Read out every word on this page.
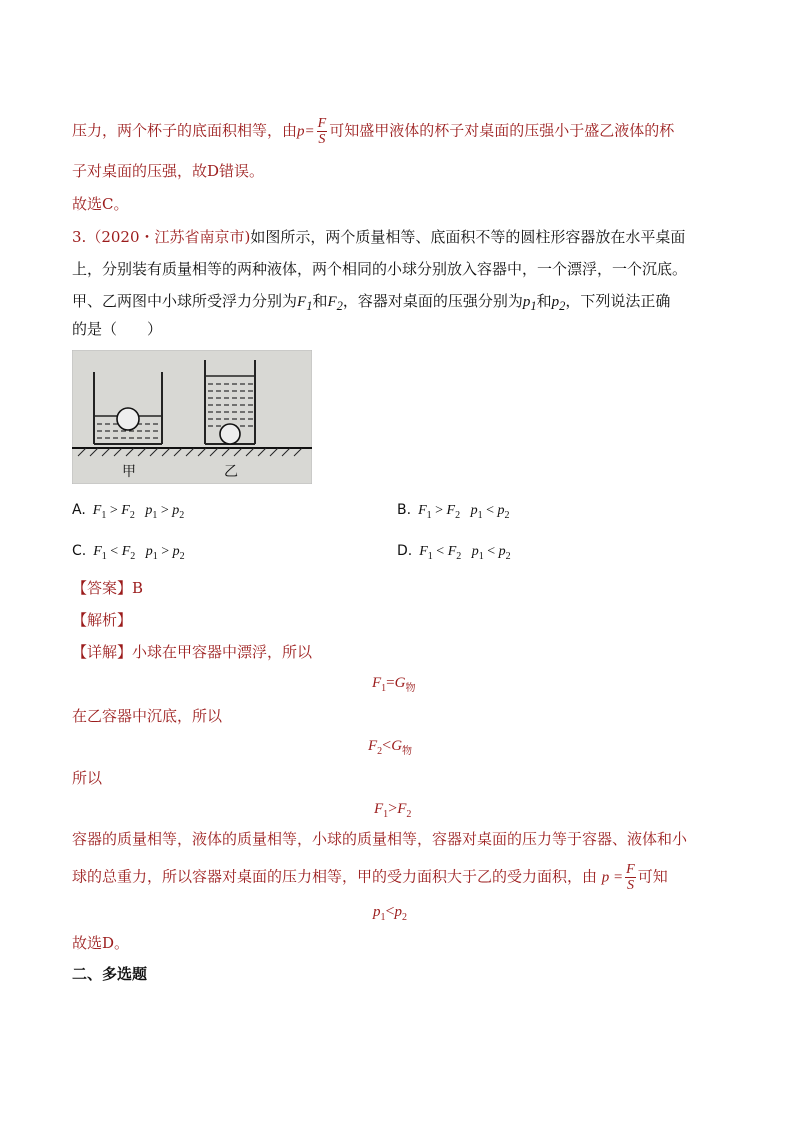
压力，两个杯子的底面积相等，由$p= \frac{F}{S}$ 可知盛甲液体的杯子对桌面的压强小于盛乙液体的杯
子对桌面的压强，故D错误。
故选C。
3.（2020・江苏省南京市)如图所示，两个质量相等、底面积不等的圆柱形容器放在水平桌面
上，分别装有质量相等的两种液体，两个相同的小球分别放入容器中，一个漂浮，一个沉底。
甲、乙两图中小球所受浮力分别为$F_1$和$F_2$，容器对桌面的压强分别为$p_1$和$p_2$，下列说法正确
的是（　　）
甲	乙
A. $F_1 > F_2$ $p_1 > p_2$	B. $F_1 > F_2$ $p_1 < p_2$
C. $F_1 < F_2$ $p_1 > p_2$	D. $F_1 < F_2$ $p_1 < p_2$
【答案】B
【解析】
【详解】小球在甲容器中漂浮，所以
$F_1=G_物$
在乙容器中沉底，所以
$F_2<G_物$
所以
$F_1>F_2$
容器的质量相等，液体的质量相等，小球的质量相等，容器对桌面的压力等于容器、液体和小
球的总重力，所以容器对桌面的压力相等，甲的受力面积大于乙的受力面积，由 $p = \frac{F}{S}$ 可知
$p_1<p_2$
故选D。
二、多选题
